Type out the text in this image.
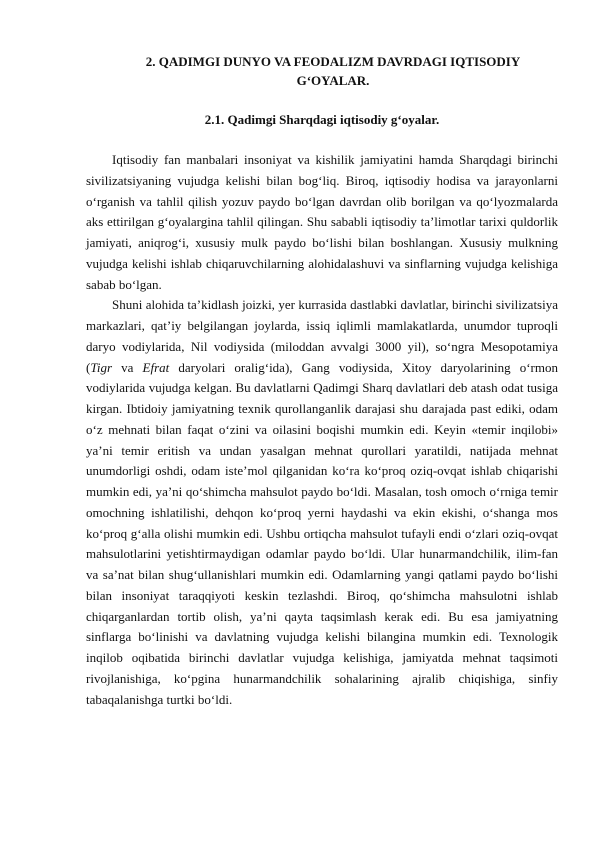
2. QADIMGI DUNYO VA FEODALIZM DAVRDAGI IQTISODIY
G‘OYALAR.
2.1. Qadimgi Sharqdagi iqtisodiy g‘oyalar.

Iqtisodiy fan manbalari insoniyat va kishilik jamiyatini hamda Sharqdagi birinchi sivilizatsiyaning vujudga kelishi bilan bog‘liq. Biroq, iqtisodiy hodisa va jarayonlarni o‘rganish va tahlil qilish yozuv paydo bo‘lgan davrdan olib borilgan va qo‘lyozmalarda aks ettirilgan g‘oyalargina tahlil qilingan. Shu sababli iqtisodiy ta’limotlar tarixi quldorlik jamiyati, aniqrog‘i, xususiy mulk paydo bo‘lishi bilan boshlangan. Xususiy mulkning vujudga kelishi ishlab chiqaruvchilarning alohidalashuvi va sinflarning vujudga kelishiga sabab bo‘lgan.

Shuni alohida ta’kidlash joizki, yer kurrasida dastlabki davlatlar, birinchi sivilizatsiya markazlari, qat’iy belgilangan joylarda, issiq iqlimli mamlakatlarda, unumdor tuproqli daryo vodiylarida, Nil vodiysida (miloddan avvalgi 3000 yil), so‘ngra Mesopotamiya (Tigr va Efrat daryolari oralig‘ida), Gang vodiysida, Xitoy daryolarining o‘rmon vodiylarida vujudga kelgan. Bu davlatlarni Qadimgi Sharq davlatlari deb atash odat tusiga kirgan. Ibtidoiy jamiyatning texnik qurollanganlik darajasi shu darajada past ediki, odam o‘z mehnati bilan faqat o‘zini va oilasini boqishi mumkin edi. Keyin «temir inqilobi» ya’ni temir eritish va undan yasalgan mehnat qurollari yaratildi, natijada mehnat unumdorligi oshdi, odam iste’mol qilganidan ko‘ra ko‘proq oziq-ovqat ishlab chiqarishi mumkin edi, ya’ni qo‘shimcha mahsulot paydo bo‘ldi. Masalan, tosh omoch o‘rniga temir omochning ishlatilishi, dehqon ko‘proq yerni haydashi va ekin ekishi, o‘shanga mos ko‘proq g‘alla olishi mumkin edi. Ushbu ortiqcha mahsulot tufayli endi o‘zlari oziq-ovqat mahsulotlarini yetishtirmaydigan odamlar paydo bo‘ldi. Ular hunarmandchilik, ilim-fan va sa’nat bilan shug‘ullanishlari mumkin edi. Odamlarning yangi qatlami paydo bo‘lishi bilan insoniyat taraqqiyoti keskin tezlashdi. Biroq, qo‘shimcha mahsulotni ishlab chiqarganlardan tortib olish, ya’ni qayta taqsimlash kerak edi. Bu esa jamiyatning sinflarga bo‘linishi va davlatning vujudga kelishi bilangina mumkin edi. Texnologik inqilob oqibatida birinchi davlatlar vujudga kelishiga, jamiyatda mehnat taqsimoti rivojlanishiga, ko‘pgina hunarmandchilik sohalarining ajralib chiqishiga, sinfiy tabaqalanishga turtki bo‘ldi.
